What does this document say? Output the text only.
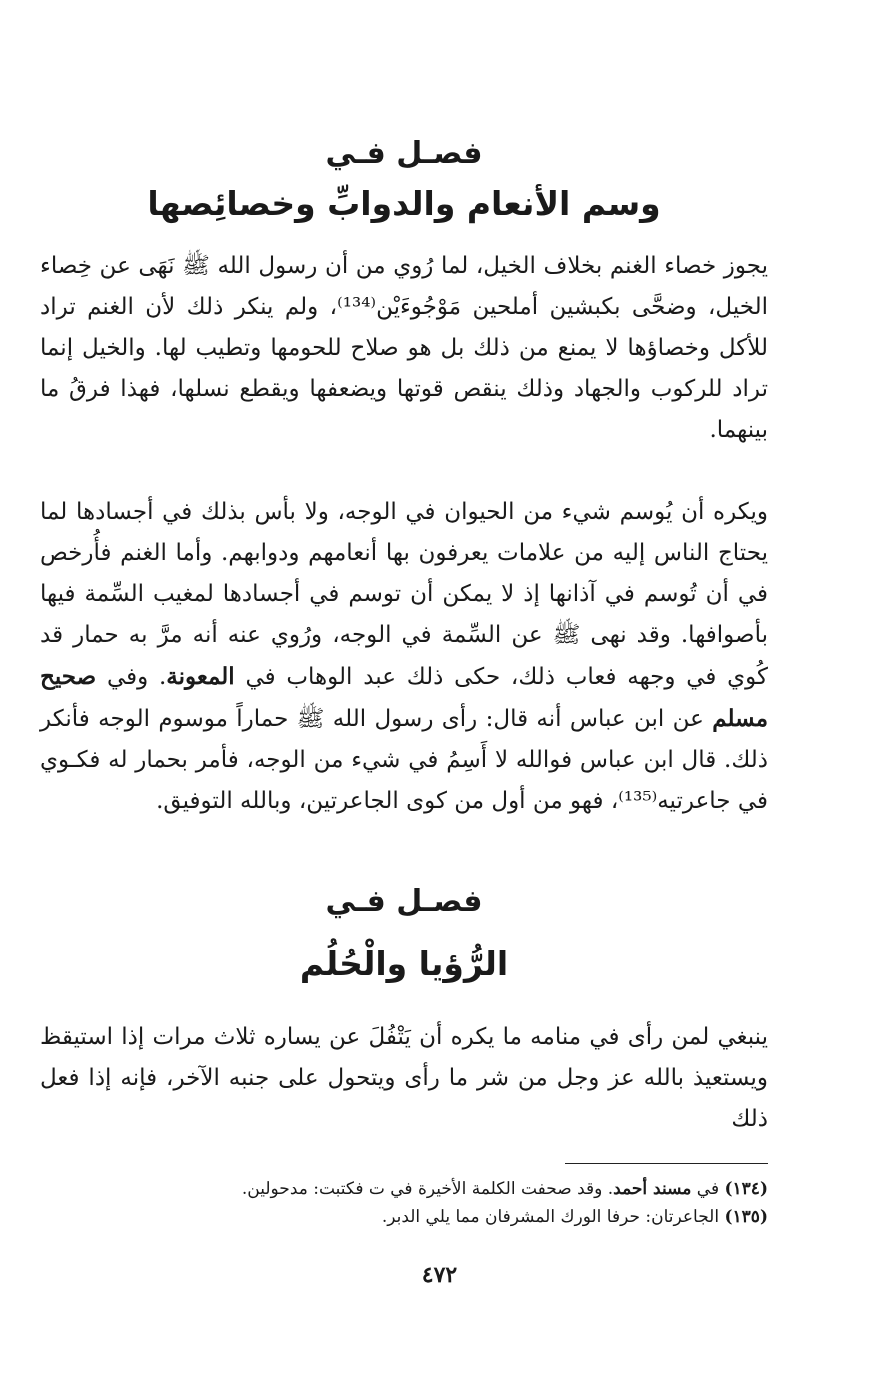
فصـل فـي
وسم الأنعام والدوابِّ وخصائِصها
يجوز خصاء الغنم بخلاف الخيل، لما رُوي من أن رسول الله ﷺ نَهَى عن خِصاء الخيل، وضحَّى بكبشين أملحين مَوْجُوءَيْن⁽¹³⁴⁾، ولم ينكر ذلك لأن الغنم تراد للأكل وخصاؤها لا يمنع من ذلك بل هو صلاح للحومها وتطيب لها. والخيل إنما تراد للركوب والجهاد وذلك ينقص قوتها ويضعفها ويقطع نسلها، فهذا فرقُ ما بينهما.
ويكره أن يُوسم شيء من الحيوان في الوجه، ولا بأس بذلك في أجسادها لما يحتاج الناس إليه من علامات يعرفون بها أنعامهم ودوابهم. وأما الغنم فأُرخص في أن تُوسم في آذانها إذ لا يمكن أن توسم في أجسادها لمغيب السِّمة فيها بأصوافها. وقد نهى ﷺ عن السِّمة في الوجه، ورُوي عنه أنه مرَّ به حمار قد كُوي في وجهه فعاب ذلك، حكى ذلك عبد الوهاب في المعونة. وفي صحيح مسلم عن ابن عباس أنه قال: رأى رسول الله ﷺ حماراً موسوم الوجه فأنكر ذلك. قال ابن عباس فوالله لا أَسِمُ في شيء من الوجه، فأمر بحمار له فكـوي في جاعرتيه⁽¹³⁵⁾، فهو من أول من كوى الجاعرتين، وبالله التوفيق.
فصـل فـي
الرُّؤيا والْحُلُم
ينبغي لمن رأى في منامه ما يكره أن يَتْفُلَ عن يساره ثلاث مرات إذا استيقظ ويستعيذ بالله عز وجل من شر ما رأى ويتحول على جنبه الآخر، فإنه إذا فعل ذلك
(١٣٤) في مسند أحمد. وقد صحفت الكلمة الأخيرة في ت فكتبت: مدحولين.
(١٣٥) الجاعرتان: حرفا الورك المشرفان مما يلي الدبر.
٤٧٢
